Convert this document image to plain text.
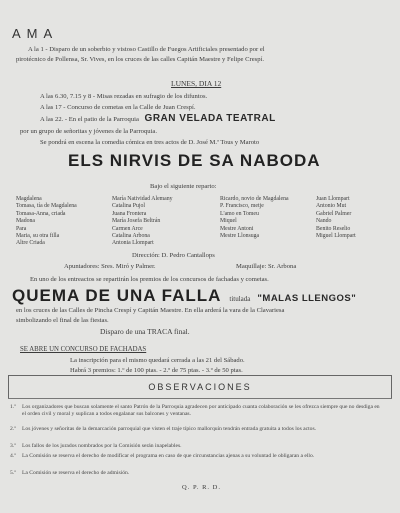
AMA
A la 1 - Disparo de un soberbio y vistoso Castillo de Fuegos Artificiales presentado por el
pirotécnico de Pollensa, Sr. Vives, en los cruces de las calles Capitán Maestre y Felipe Crespí.
LUNES, DIA 12
A las 6.30, 7.15 y 8 - Misas rezadas en sufragio de los difuntos.
A las 17 - Concurso de cometas en la Calle de Juan Crespí.
A las 22. - En el patio de la Parroquia GRAN VELADA TEATRAL
por un grupo de señoritas y jóvenes de la Parroquia.
Se pondrá en escena la comedia cómica en tres actos de D. José M.ª Tous y Maroto
ELS NIRVIS DE SA NABODA
Bajo el siguiente reparto:
Magdalena
Tomasa, tía de Magdalena
Tomasa-Anna, criada
Madona
Para
Maria, su otra filla
Altre Criada
María Natividad Alemany
Catalina Pujol
Juana Frontera
María Josefa Beltrán
Carmen Arce
Catalina Arbona
Antonia Llompart
Ricardo, novio de Magdalena
P. Francisco, metje
L'amo en Tomeu
Miquel
Mestre Antoni
Mestre Llonsuga
Juan Llompart
Antonio Mut
Gabriel Palmer
Nando
Benito Reselio
Miguel Llompart
Dirección: D. Pedro Cantallops
Apuntadores: Sres. Miró y Palmer.	Maquillaje: Sr. Arbona
En uno de los entreactos se repartirán los premios de los concursos de fachadas y cometas.
QUEMA DE UNA FALLA titulada "MALAS LLENGOS"
en los cruces de las Calles de Pincha Crespí y Capitán Maestre. En ella arderá la vara de la Clavariesa
simbolizando el final de las fiestas.
Disparo de una TRACA final.
SE ABRE UN CONCURSO DE FACHADAS
La inscripción para el mismo quedará cerrada a las 21 del Sábado.
Habrá 3 premios: 1.º de 100 ptas. - 2.º de 75 ptas. - 3.º de 50 ptas.
OBSERVACIONES
1.º Los organizadores que buscan solamente el santo Patrón de la Parroquia agradecen por anticipado cuanta colaboración se les ofrezca siempre que no desdiga en el orden civil y moral y suplican a todos engalanar sus balcones y ventanas.
2.º Los jóvenes y señoritas de la demarcación parroquial que visten el traje típico mallorquín tendrán entrada gratuita a todos los actos.
3.º Los fallos de los jurados nombrados por la Comisión serán inapelables.
4.º La Comisión se reserva el derecho de modificar el programa en caso de que circunstancias ajenas a su voluntad le obligaran a ello.
5.º La Comisión se reserva el derecho de admisión.
Q. P. R. D.
